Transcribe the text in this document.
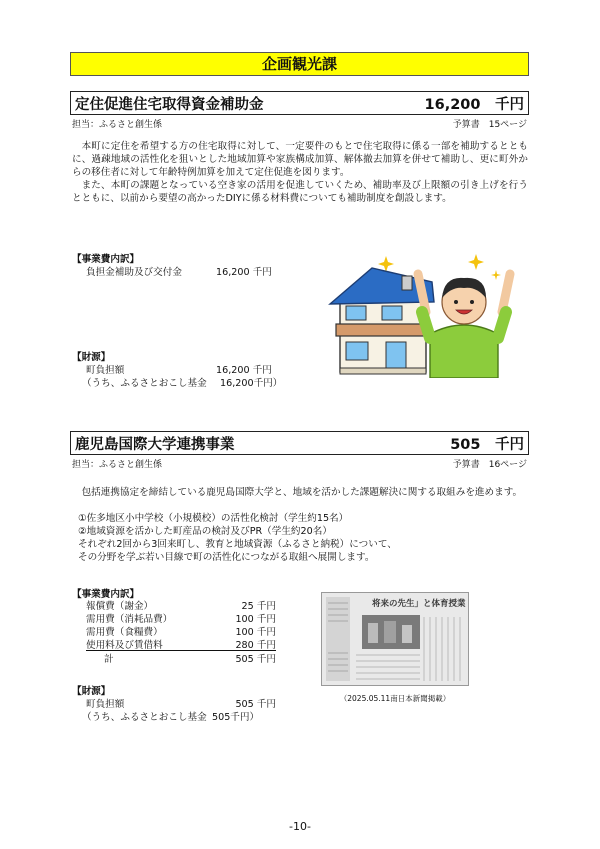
企画観光課
定住促進住宅取得資金補助金	16,200　千円
担当：ふるさと創生係	予算書　15ページ

本町に定住を希望する方の住宅取得に対して、一定要件のもとで住宅取得に係る一部を補助するとともに、過疎地域の活性化を狙いとした地域加算や家族構成加算、解体撤去加算を併せて補助し、更に町外からの移住者に対して年齢特例加算を加えて定住促進を図ります。

また、本町の課題となっている空き家の活用を促進していくため、補助率及び上限額の引き上げを行うとともに、以前から要望の高かったDIYに係る材料費についても補助制度を創設します。

【事業費内訳】
負担金補助及び交付金	16,200 千円
【財源】
町負担額	16,200 千円
（うち、ふるさとおこし基金 16,200千円）
鹿児島国際大学連携事業	505　千円
担当：ふるさと創生係	予算書　16ページ

包括連携協定を締結している鹿児島国際大学と、地域を活かした課題解決に関する取組みを進めます。

①佐多地区小中学校（小規模校）の活性化検討（学生約15名）

②地域資源を活かした町産品の検討及びPR（学生約20名）

それぞれ2回から3回来町し、教育と地域資源（ふるさと納税）について、

その分野を学ぶ若い目線で町の活性化につながる取組へ展開します。

【事業費内訳】
報償費（謝金）	25 千円
需用費（消耗品費）	100 千円
需用費（食糧費）	100 千円
使用料及び賃借料	280 千円
計	505 千円
【財源】
町負担額	505 千円
（うち、ふるさとおこし基金 505千円）
将来の先生」と体育授業
（2025.05.11南日本新聞掲載）
-10-
